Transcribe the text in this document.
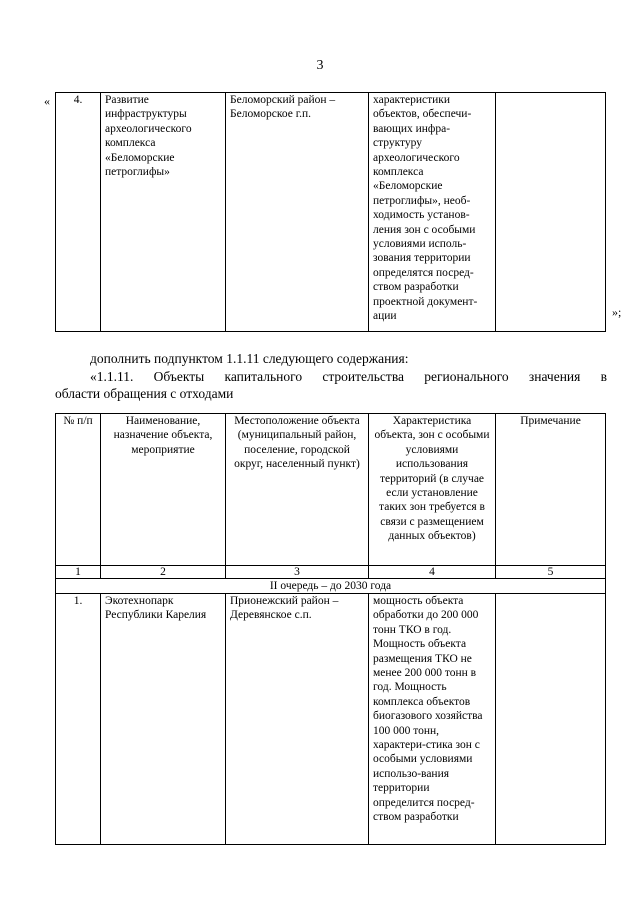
3
« 4.	Развитие инфраструктуры археологического комплекса «Беломорские петроглифы»	Беломорский район – Беломорское г.п.	характеристики объектов, обеспечи-вающих инфра-структуру археологического комплекса «Беломорские петроглифы», необ-ходимость установ-ления зон с особыми условиями исполь-зования территории определятся посред-ством разработки проектной документ-ации		»;
дополнить подпунктом 1.1.11 следующего содержания:
«1.1.11. Объекты капитального строительства регионального значения в
области обращения с отходами
№ п/п	Наименование, назначение объекта, мероприятие	Местоположение объекта (муниципальный район, поселение, городской округ, населенный пункт)	Характеристика объекта, зон с особыми условиями использования территорий (в случае если установление таких зон требуется в связи с размещением данных объектов)	Примечание
1	2	3	4	5
II очередь – до 2030 года				
1.	Экотехнопарк Республики Карелия	Прионежский район – Деревянское с.п.	мощность объекта обработки до 200 000 тонн ТКО в год. Мощность объекта размещения ТКО не менее 200 000 тонн в год. Мощность комплекса объектов биогазового хозяйства 100 000 тонн, характери-стика зон с особыми условиями использо-вания территории определится посред-ством разработки	
